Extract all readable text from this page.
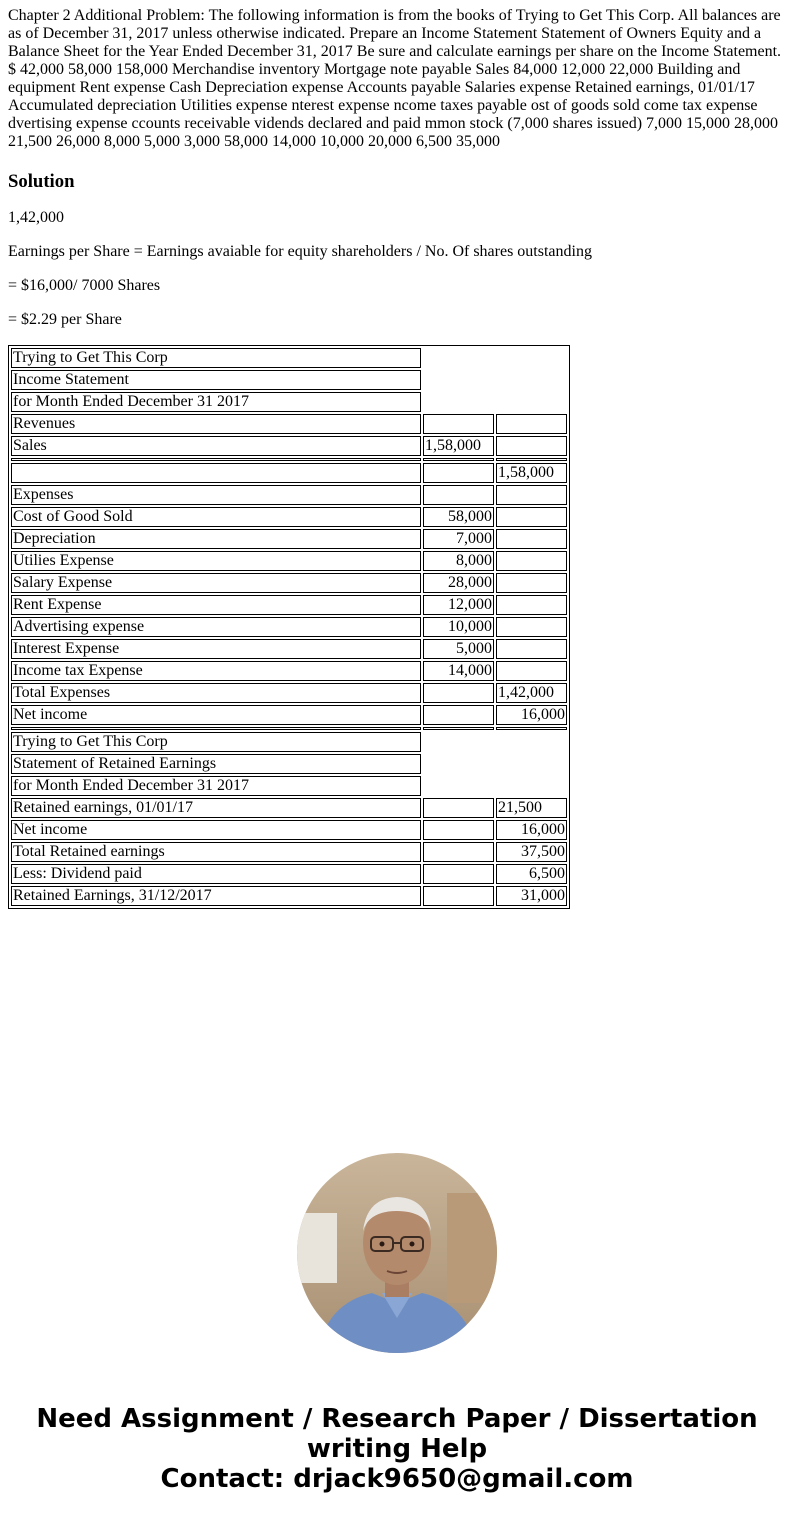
Chapter 2 Additional Problem: The following information is from the books of Trying to Get This Corp. All balances are as of December 31, 2017 unless otherwise indicated. Prepare an Income Statement Statement of Owners Equity and a Balance Sheet for the Year Ended December 31, 2017 Be sure and calculate earnings per share on the Income Statement. $ 42,000 58,000 158,000 Merchandise inventory Mortgage note payable Sales 84,000 12,000 22,000 Building and equipment Rent expense Cash Depreciation expense Accounts payable Salaries expense Retained earnings, 01/01/17 Accumulated depreciation Utilities expense nterest expense ncome taxes payable ost of goods sold come tax expense dvertising expense ccounts receivable vidends declared and paid mmon stock (7,000 shares issued) 7,000 15,000 28,000 21,500 26,000 8,000 5,000 3,000 58,000 14,000 10,000 20,000 6,500 35,000

Solution

1,42,000

Earnings per Share = Earnings avaiable for equity shareholders / No. Of shares outstanding

= $16,000/ 7000 Shares

= $2.29 per Share

Trying to Get This Corp		
Income Statement		
for Month Ended December 31 2017		
Revenues		
Sales	1,58,000	

		1,58,000
Expenses		
Cost of Good Sold	58,000	
Depreciation	7,000	
Utilies Expense	8,000	
Salary Expense	28,000	
Rent Expense	12,000	
Advertising expense	10,000	
Interest Expense	5,000	
Income tax Expense	14,000	
Total Expenses		1,42,000
Net income		16,000

Trying to Get This Corp		
Statement of Retained Earnings		
for Month Ended December 31 2017		
Retained earnings, 01/01/17		21,500
Net income		16,000
Total Retained earnings		37,500
Less: Dividend paid		6,500
Retained Earnings, 31/12/2017		31,000
Need Assignment / Research Paper / Dissertation
writing Help
Contact: drjack9650@gmail.com
